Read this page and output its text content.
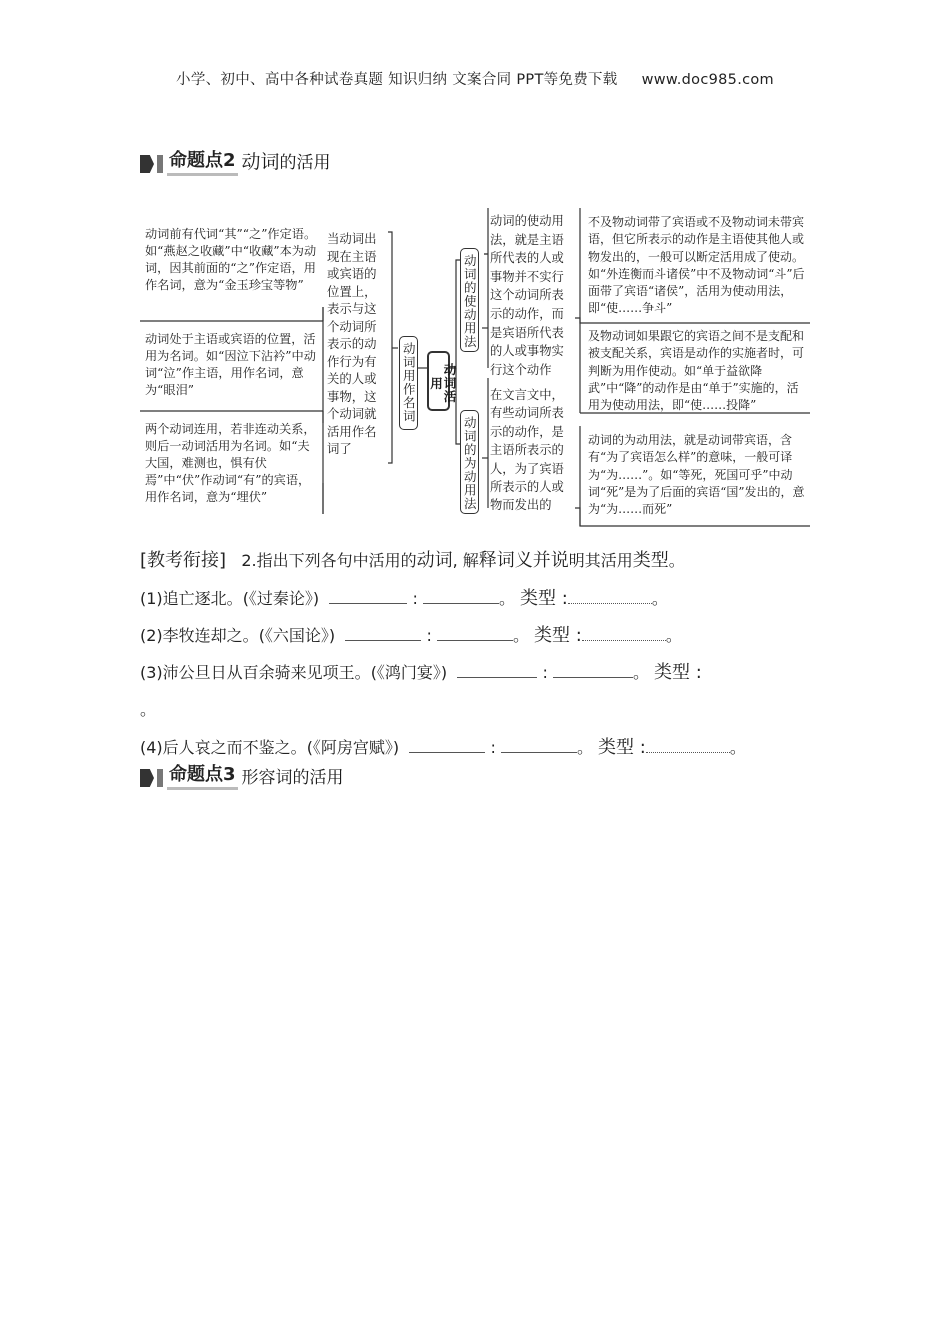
小学、初中、高中各种试卷真题 知识归纳 文案合同 PPT等免费下载 www.doc985.com
命题点2 动词的活用
动词前有代词“其”“之”作定语。如“燕赵之收藏”中“收藏”本为动词，因其前面的“之”作定语，用作名词，意为“金玉珍宝等物”
动词处于主语或宾语的位置，活用为名词。如“因泣下沾衿”中动词“泣”作主语，用作名词，意为“眼泪”
两个动词连用，若非连动关系，则后一动词活用为名词。如“夫大国，难测也，惧有伏焉”中“伏”作动词“有”的宾语，用作名词，意为“埋伏”
当动词出现在主语或宾语的位置上，表示与这个动词所表示的动作行为有关的人或事物，这个动词就活用作名词了
动词用作名词	动词活用
动词的使动用法
动词的为动用法
动词的使动用法，就是主语所代表的人或事物并不实行这个动词所表示的动作，而是宾语所代表的人或事物实行这个动作
在文言文中，有些动词所表示的动作，是主语所表示的人，为了宾语所表示的人或物而发出的
不及物动词带了宾语或不及物动词未带宾语，但它所表示的动作是主语使其他人或物发出的，一般可以断定活用成了使动。如“外连衡而斗诸侯”中不及物动词“斗”后面带了宾语“诸侯”，活用为使动用法，即“使……争斗”
及物动词如果跟它的宾语之间不是支配和被支配关系，宾语是动作的实施者时，可判断为用作使动。如“单于益欲降武”中“降”的动作是由“单于”实施的，活用为使动用法，即“使……投降”
动词的为动用法，就是动词带宾语，含有“为了宾语怎么样”的意味，一般可译为“为……”。如“等死，死国可乎”中动词“死”是为了后面的宾语“国”发出的，意为“为……而死”
[教考衔接] 2.指出下列各句中活用的动词, 解释词义并说明其活用类型。
(1)追亡逐北。(《过秦论》)	:	。 类型 :	。
(2)李牧连却之。(《六国论》)	:	。 类型 :	。
(3)沛公旦日从百余骑来见项王。(《鸿门宴》)	:	。 类型 :
。
(4)后人哀之而不鉴之。(《阿房宫赋》)	:	。 类型 :	。
命题点3 形容词的活用
